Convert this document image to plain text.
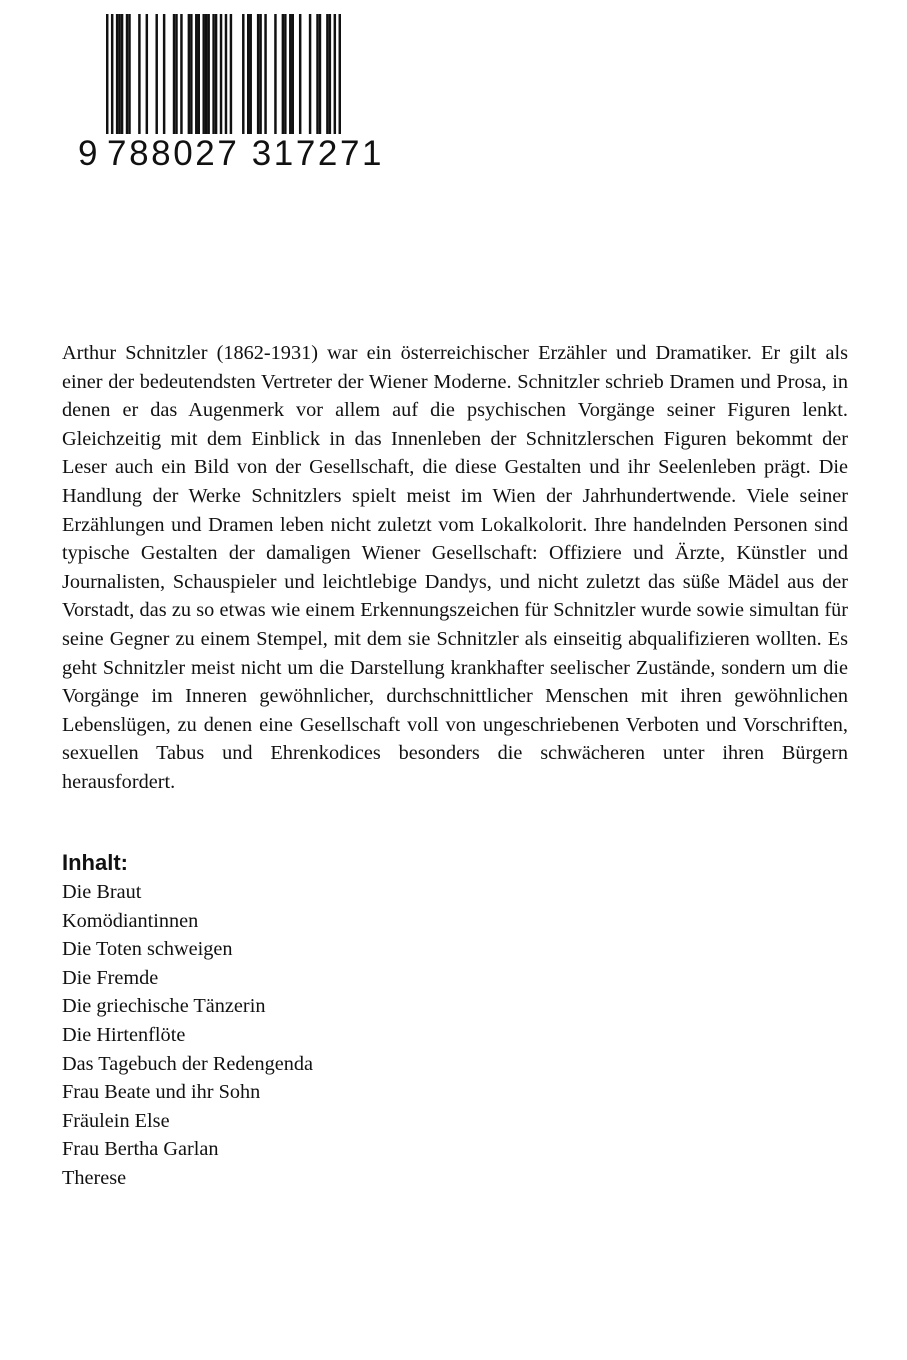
9 788027 317271

Arthur Schnitzler (1862-1931) war ein österreichischer Erzähler und Dramatiker. Er gilt als einer der bedeutendsten Vertreter der Wiener Moderne. Schnitzler schrieb Dramen und Prosa, in denen er das Augenmerk vor allem auf die psychischen Vorgänge seiner Figuren lenkt. Gleichzeitig mit dem Einblick in das Innenleben der Schnitzlerschen Figuren bekommt der Leser auch ein Bild von der Gesellschaft, die diese Gestalten und ihr Seelenleben prägt. Die Handlung der Werke Schnitzlers spielt meist im Wien der Jahrhundertwende. Viele seiner Erzählungen und Dramen leben nicht zuletzt vom Lokalkolorit. Ihre handelnden Personen sind typische Gestalten der damaligen Wiener Gesellschaft: Offiziere und Ärzte, Künstler und Journalisten, Schauspieler und leichtlebige Dandys, und nicht zuletzt das süße Mädel aus der Vorstadt, das zu so etwas wie einem Erkennungszeichen für Schnitzler wurde sowie simultan für seine Gegner zu einem Stempel, mit dem sie Schnitzler als einseitig abqualifizieren wollten. Es geht Schnitzler meist nicht um die Darstellung krankhafter seelischer Zustände, sondern um die Vorgänge im Inneren gewöhnlicher, durchschnittlicher Menschen mit ihren gewöhnlichen Lebenslügen, zu denen eine Gesellschaft voll von ungeschriebenen Verboten und Vorschriften, sexuellen Tabus und Ehrenkodices besonders die schwächeren unter ihren Bürgern herausfordert.

Inhalt:
Die Braut
Komödiantinnen
Die Toten schweigen
Die Fremde
Die griechische Tänzerin
Die Hirtenflöte
Das Tagebuch der Redengenda
Frau Beate und ihr Sohn
Fräulein Else
Frau Bertha Garlan
Therese
